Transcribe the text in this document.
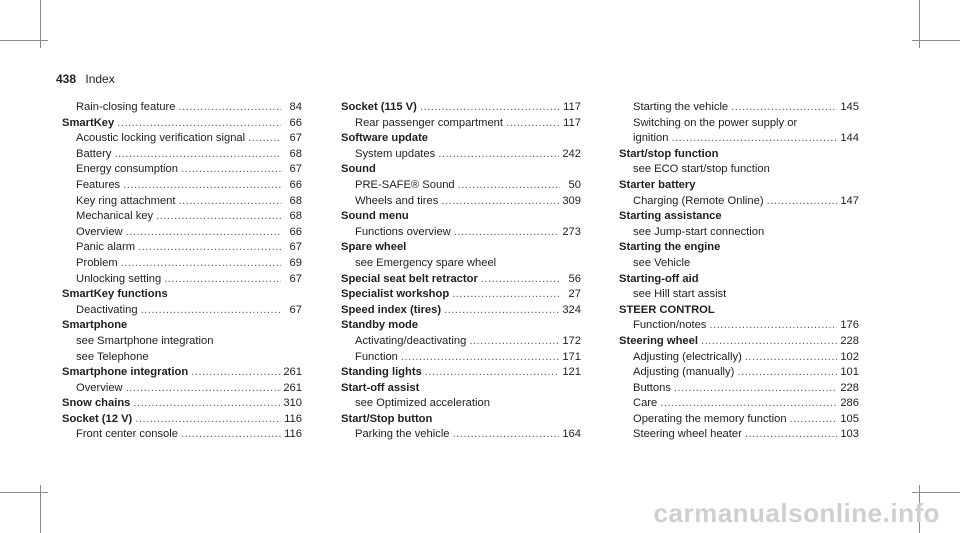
438 Index
Rain-closing feature .....	84
SmartKey .....	66
Acoustic locking verification signal .....	67
Battery .....	68
Energy consumption .....	67
Features .....	66
Key ring attachment .....	68
Mechanical key .....	68
Overview .....	66
Panic alarm .....	67
Problem .....	69
Unlocking setting .....	67
SmartKey functions
Deactivating .....	67
Smartphone
see Smartphone integration
see Telephone
Smartphone integration .....	261
Overview .....	261
Snow chains .....	310
Socket (12 V) .....	116
Front center console .....	116
Socket (115 V) .....	117
Rear passenger compartment .....	117
Software update
System updates .....	242
Sound
PRE-SAFE® Sound .....	50
Wheels and tires .....	309
Sound menu
Functions overview .....	273
Spare wheel
see Emergency spare wheel
Special seat belt retractor .....	56
Specialist workshop .....	27
Speed index (tires) .....	324
Standby mode
Activating/deactivating .....	172
Function .....	171
Standing lights .....	121
Start-off assist
see Optimized acceleration
Start/Stop button
Parking the vehicle .....	164
Starting the vehicle .....	145
Switching on the power supply or
ignition .....	144
Start/stop function
see ECO start/stop function
Starter battery
Charging (Remote Online) .....	147
Starting assistance
see Jump-start connection
Starting the engine
see Vehicle
Starting-off aid
see Hill start assist
STEER CONTROL
Function/notes .....	176
Steering wheel .....	228
Adjusting (electrically) .....	102
Adjusting (manually) .....	101
Buttons .....	228
Care .....	286
Operating the memory function .....	105
Steering wheel heater .....	103
carmanualsonline.info
